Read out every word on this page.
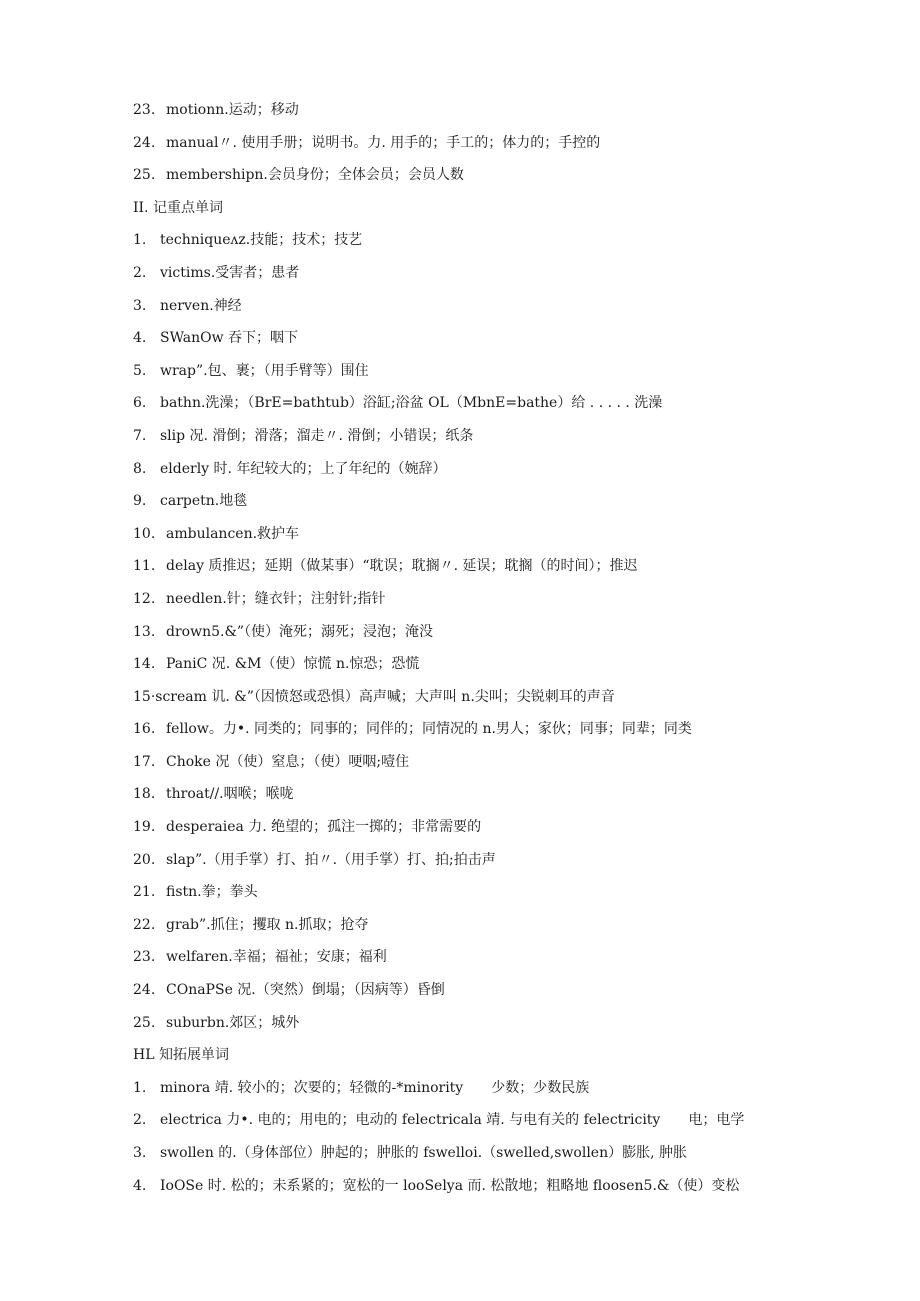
23. motionn.运动；移动
24. manual〃. 使用手册；说明书。力. 用手的；手工的；体力的；手控的
25. membershipn.会员身份；全体会员；会员人数
II. 记重点单词
1. techniqueʌz.技能；技术；技艺
2. victims.受害者；患者
3. nerven.神经
4. SWanOw 吞下；咽下
5. wrap”.包、裹；（用手臂等）围住
6. bathn.洗澡；（BrE=bathtub）浴缸;浴盆 OL（MbnE=bathe）给 . . . . . 洗澡
7. slip 况. 滑倒；滑落；溜走〃. 滑倒；小错误；纸条
8. elderly 时. 年纪较大的；上了年纪的（婉辞）
9. carpetn.地毯
10. ambulancen.救护车
11. delay 质推迟；延期（做某事）“耽误；耽搁〃. 延误；耽搁（的时间）；推迟
12. needlen.针；缝衣针；注射针;指针
13. drown5.&”（使）淹死；溺死；浸泡；淹没
14. PaniC 况. &M（使）惊慌 n.惊恐；恐慌
15·scream 讥. &”（因愤怒或恐惧）高声喊；大声叫 n.尖叫；尖锐刺耳的声音
16. fellow。力•. 同类的；同事的；同伴的；同情况的 n.男人；家伙；同事；同辈；同类
17. Choke 况（使）窒息；（使）哽咽;噎住
18. throat//.咽喉；喉咙
19. desperaiea 力. 绝望的；孤注一掷的；非常需要的
20. slap”.（用手掌）打、拍〃.（用手掌）打、拍;拍击声
21. fistn.拳；拳头
22. grab”.抓住；攫取 n.抓取；抢夺
23. welfaren.幸福；福祉；安康；福利
24. COnaPSe 况.（突然）倒塌；（因病等）昏倒
25. suburbn.郊区；城外
HL 知拓展单词
1. minora 靖. 较小的；次要的；轻微的-*minority　　少数；少数民族
2. electrica 力•. 电的；用电的；电动的 felectricala 靖. 与电有关的 felectricity　　电；电学
3. swollen 的.（身体部位）肿起的；肿胀的 fswelloi.（swelled,swollen）膨胀, 肿胀
4. IoOSe 时. 松的；未系紧的；宽松的一 looSelya 而. 松散地；粗略地 floosen5.&（使）变松
